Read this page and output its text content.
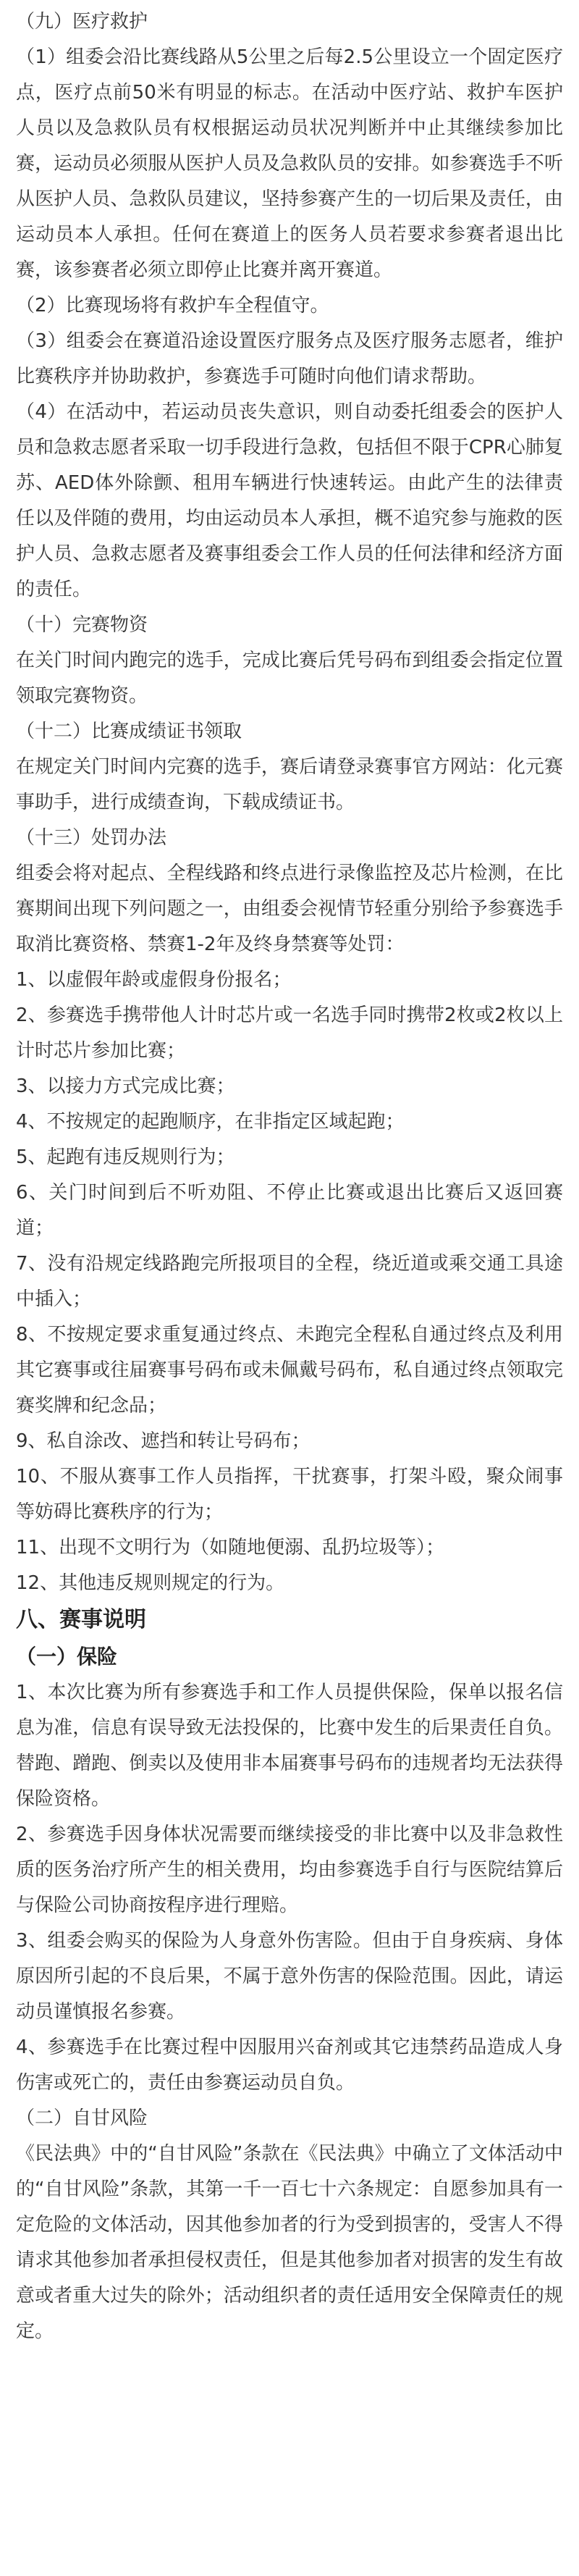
（九）医疗救护

（1）组委会沿比赛线路从5公里之后每2.5公里设立一个固定医疗点，医疗点前50米有明显的标志。在活动中医疗站、救护车医护人员以及急救队员有权根据运动员状况判断并中止其继续参加比赛，运动员必须服从医护人员及急救队员的安排。如参赛选手不听从医护人员、急救队员建议，坚持参赛产生的一切后果及责任，由运动员本人承担。任何在赛道上的医务人员若要求参赛者退出比赛，该参赛者必须立即停止比赛并离开赛道。

（2）比赛现场将有救护车全程值守。

（3）组委会在赛道沿途设置医疗服务点及医疗服务志愿者，维护比赛秩序并协助救护，参赛选手可随时向他们请求帮助。

（4）在活动中，若运动员丧失意识，则自动委托组委会的医护人员和急救志愿者采取一切手段进行急救，包括但不限于CPR心肺复苏、AED体外除颤、租用车辆进行快速转运。由此产生的法律责任以及伴随的费用，均由运动员本人承担，概不追究参与施救的医护人员、急救志愿者及赛事组委会工作人员的任何法律和经济方面的责任。

（十）完赛物资

在关门时间内跑完的选手，完成比赛后凭号码布到组委会指定位置领取完赛物资。

（十二）比赛成绩证书领取

在规定关门时间内完赛的选手，赛后请登录赛事官方网站：化元赛事助手，进行成绩查询，下载成绩证书。

（十三）处罚办法

组委会将对起点、全程线路和终点进行录像监控及芯片检测，在比赛期间出现下列问题之一，由组委会视情节轻重分别给予参赛选手取消比赛资格、禁赛1-2年及终身禁赛等处罚：

1、以虚假年龄或虚假身份报名；

2、参赛选手携带他人计时芯片或一名选手同时携带2枚或2枚以上计时芯片参加比赛；

3、以接力方式完成比赛；

4、不按规定的起跑顺序，在非指定区域起跑；

5、起跑有违反规则行为；

6、关门时间到后不听劝阻、不停止比赛或退出比赛后又返回赛道；

7、没有沿规定线路跑完所报项目的全程，绕近道或乘交通工具途中插入；

8、不按规定要求重复通过终点、未跑完全程私自通过终点及利用其它赛事或往届赛事号码布或未佩戴号码布，私自通过终点领取完赛奖牌和纪念品；

9、私自涂改、遮挡和转让号码布；

10、不服从赛事工作人员指挥，干扰赛事，打架斗殴，聚众闹事等妨碍比赛秩序的行为；

11、出现不文明行为（如随地便溺、乱扔垃圾等）；

12、其他违反规则规定的行为。

八、赛事说明

（一）保险

1、本次比赛为所有参赛选手和工作人员提供保险，保单以报名信息为准，信息有误导致无法投保的，比赛中发生的后果责任自负。替跑、蹭跑、倒卖以及使用非本届赛事号码布的违规者均无法获得保险资格。

2、参赛选手因身体状况需要而继续接受的非比赛中以及非急救性质的医务治疗所产生的相关费用，均由参赛选手自行与医院结算后与保险公司协商按程序进行理赔。

3、组委会购买的保险为人身意外伤害险。但由于自身疾病、身体原因所引起的不良后果，不属于意外伤害的保险范围。因此，请运动员谨慎报名参赛。

4、参赛选手在比赛过程中因服用兴奋剂或其它违禁药品造成人身伤害或死亡的，责任由参赛运动员自负。

（二）自甘风险

《民法典》中的“自甘风险”条款在《民法典》中确立了文体活动中的“自甘风险”条款，其第一千一百七十六条规定：自愿参加具有一定危险的文体活动，因其他参加者的行为受到损害的，受害人不得请求其他参加者承担侵权责任，但是其他参加者对损害的发生有故意或者重大过失的除外；活动组织者的责任适用安全保障责任的规定。
